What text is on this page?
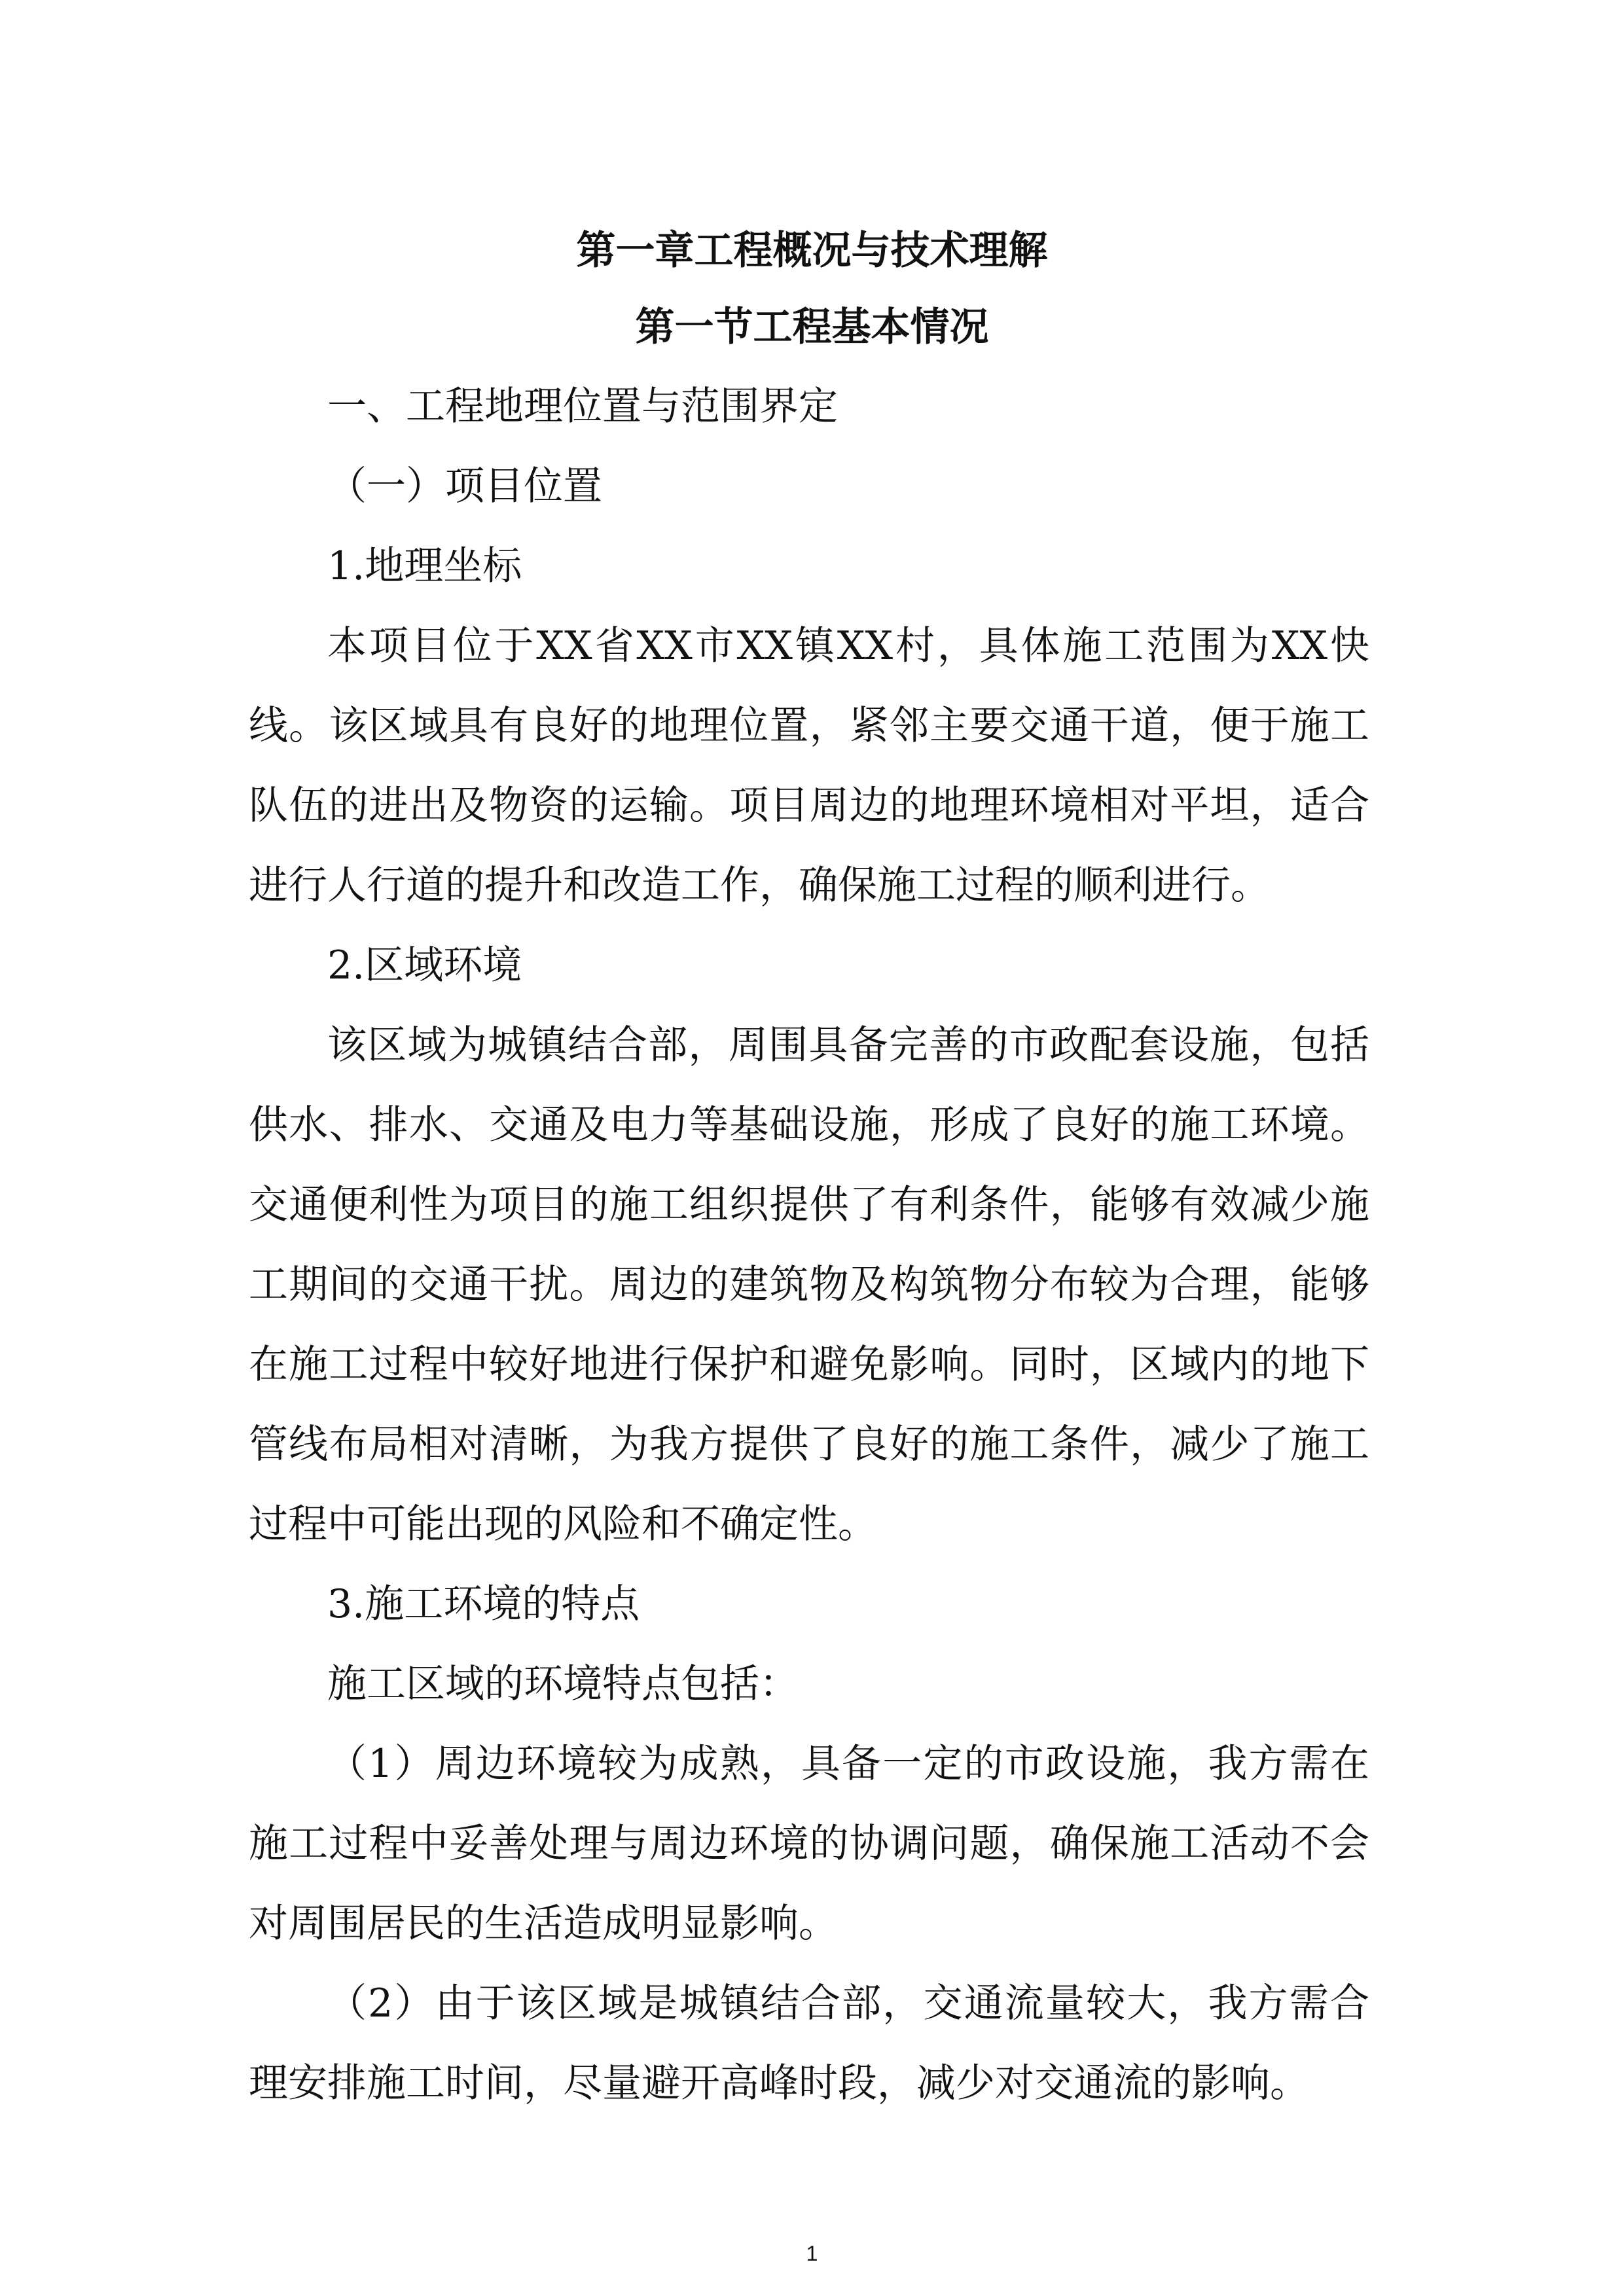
第一章工程概况与技术理解
第一节工程基本情况

一、工程地理位置与范围界定

（一）项目位置

1.地理坐标

本项目位于XX省XX市XX镇XX村，具体施工范围为XX快线。该区域具有良好的地理位置，紧邻主要交通干道，便于施工队伍的进出及物资的运输。项目周边的地理环境相对平坦，适合进行人行道的提升和改造工作，确保施工过程的顺利进行。

2.区域环境

该区域为城镇结合部，周围具备完善的市政配套设施，包括供水、排水、交通及电力等基础设施，形成了良好的施工环境。交通便利性为项目的施工组织提供了有利条件，能够有效减少施工期间的交通干扰。周边的建筑物及构筑物分布较为合理，能够在施工过程中较好地进行保护和避免影响。同时，区域内的地下管线布局相对清晰，为我方提供了良好的施工条件，减少了施工过程中可能出现的风险和不确定性。

3.施工环境的特点

施工区域的环境特点包括：

（1）周边环境较为成熟，具备一定的市政设施，我方需在施工过程中妥善处理与周边环境的协调问题，确保施工活动不会对周围居民的生活造成明显影响。

（2）由于该区域是城镇结合部，交通流量较大，我方需合理安排施工时间，尽量避开高峰时段，减少对交通流的影响。

1
